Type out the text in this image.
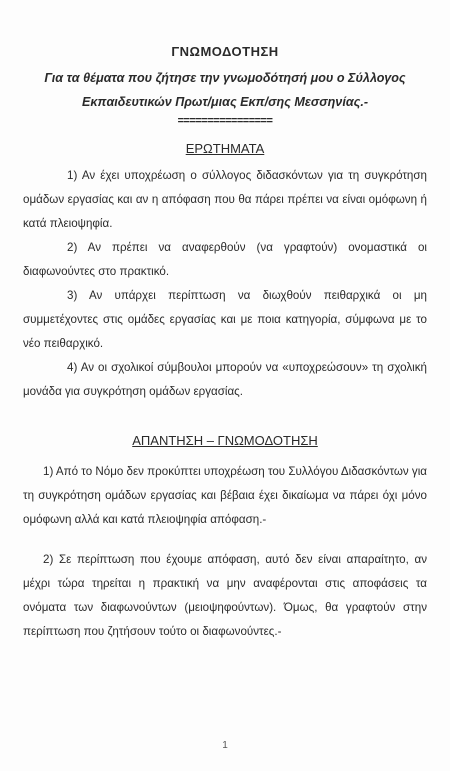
ΓΝΩΜΟΔΟΤΗΣΗ
Για τα θέματα που ζήτησε την γνωμοδότησή μου ο Σύλλογος Εκπαιδευτικών Πρωτ/μιας Εκπ/σης Μεσσηνίας.-
================
ΕΡΩΤΗΜΑΤΑ
1) Αν έχει υποχρέωση ο σύλλογος διδασκόντων για τη συγκρότηση ομάδων εργασίας και αν η απόφαση που θα πάρει πρέπει να είναι ομόφωνη ή κατά πλειοψηφία.
2) Αν πρέπει να αναφερθούν (να γραφτούν) ονομαστικά οι διαφωνούντες στο πρακτικό.
3) Αν υπάρχει περίπτωση να διωχθούν πειθαρχικά οι μη συμμετέχοντες στις ομάδες εργασίας και με ποια κατηγορία, σύμφωνα με το νέο πειθαρχικό.
4) Αν οι σχολικοί σύμβουλοι μπορούν να «υποχρεώσουν» τη σχολική μονάδα για συγκρότηση ομάδων εργασίας.
ΑΠΑΝΤΗΣΗ – ΓΝΩΜΟΔΟΤΗΣΗ
1) Από το Νόμο δεν προκύπτει υποχρέωση του Συλλόγου Διδασκόντων για τη συγκρότηση ομάδων εργασίας και βέβαια έχει δικαίωμα να πάρει όχι μόνο ομόφωνη αλλά και κατά πλειοψηφία απόφαση.-
2) Σε περίπτωση που έχουμε απόφαση, αυτό δεν είναι απαραίτητο, αν μέχρι τώρα τηρείται η πρακτική να μην αναφέρονται στις αποφάσεις τα ονόματα των διαφωνούντων (μειοψηφούντων). Όμως, θα γραφτούν στην περίπτωση που ζητήσουν τούτο οι διαφωνούντες.-
1
